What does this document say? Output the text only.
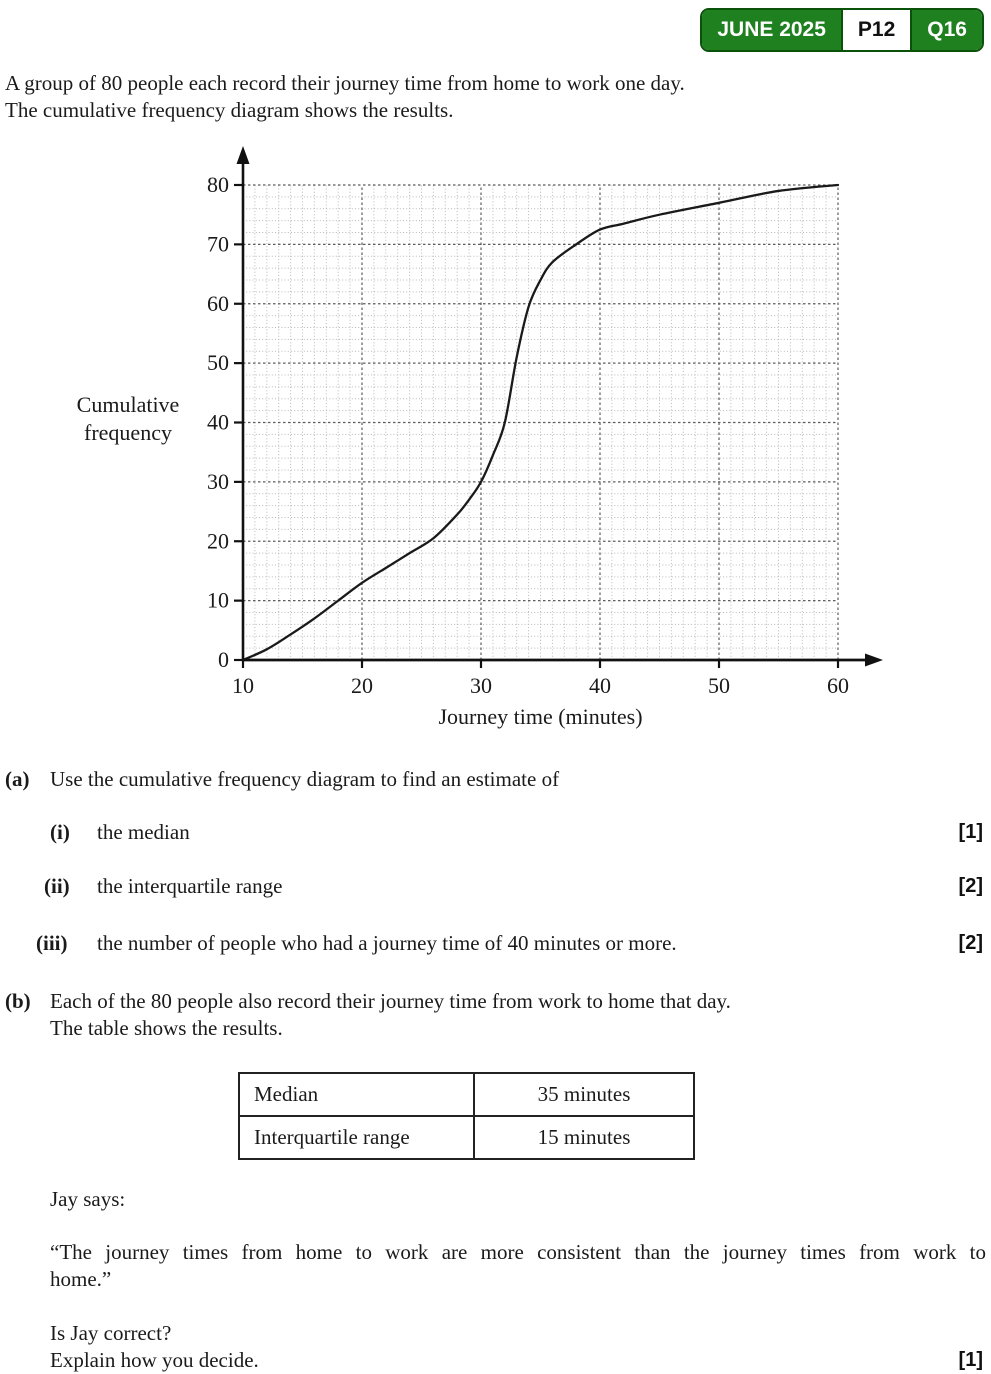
JUNE 2025	P12	Q16
A group of 80 people each record their journey time from home to work one day.
The cumulative frequency diagram shows the results.
0
10
20
30
40
50
60
70
80
10	20	30	40	50	60
Journey time (minutes)
Cumulative
frequency
(a) Use the cumulative frequency diagram to find an estimate of
(i) the median	[1]
(ii) the interquartile range	[2]
(iii) the number of people who had a journey time of 40 minutes or more.	[2]
(b) Each of the 80 people also record their journey time from work to home that day.
The table shows the results.
Median	35 minutes
Interquartile range	15 minutes
Jay says:
“The journey times from home to work are more consistent than the journey times from work to
home.”
Is Jay correct?
Explain how you decide.	[1]
